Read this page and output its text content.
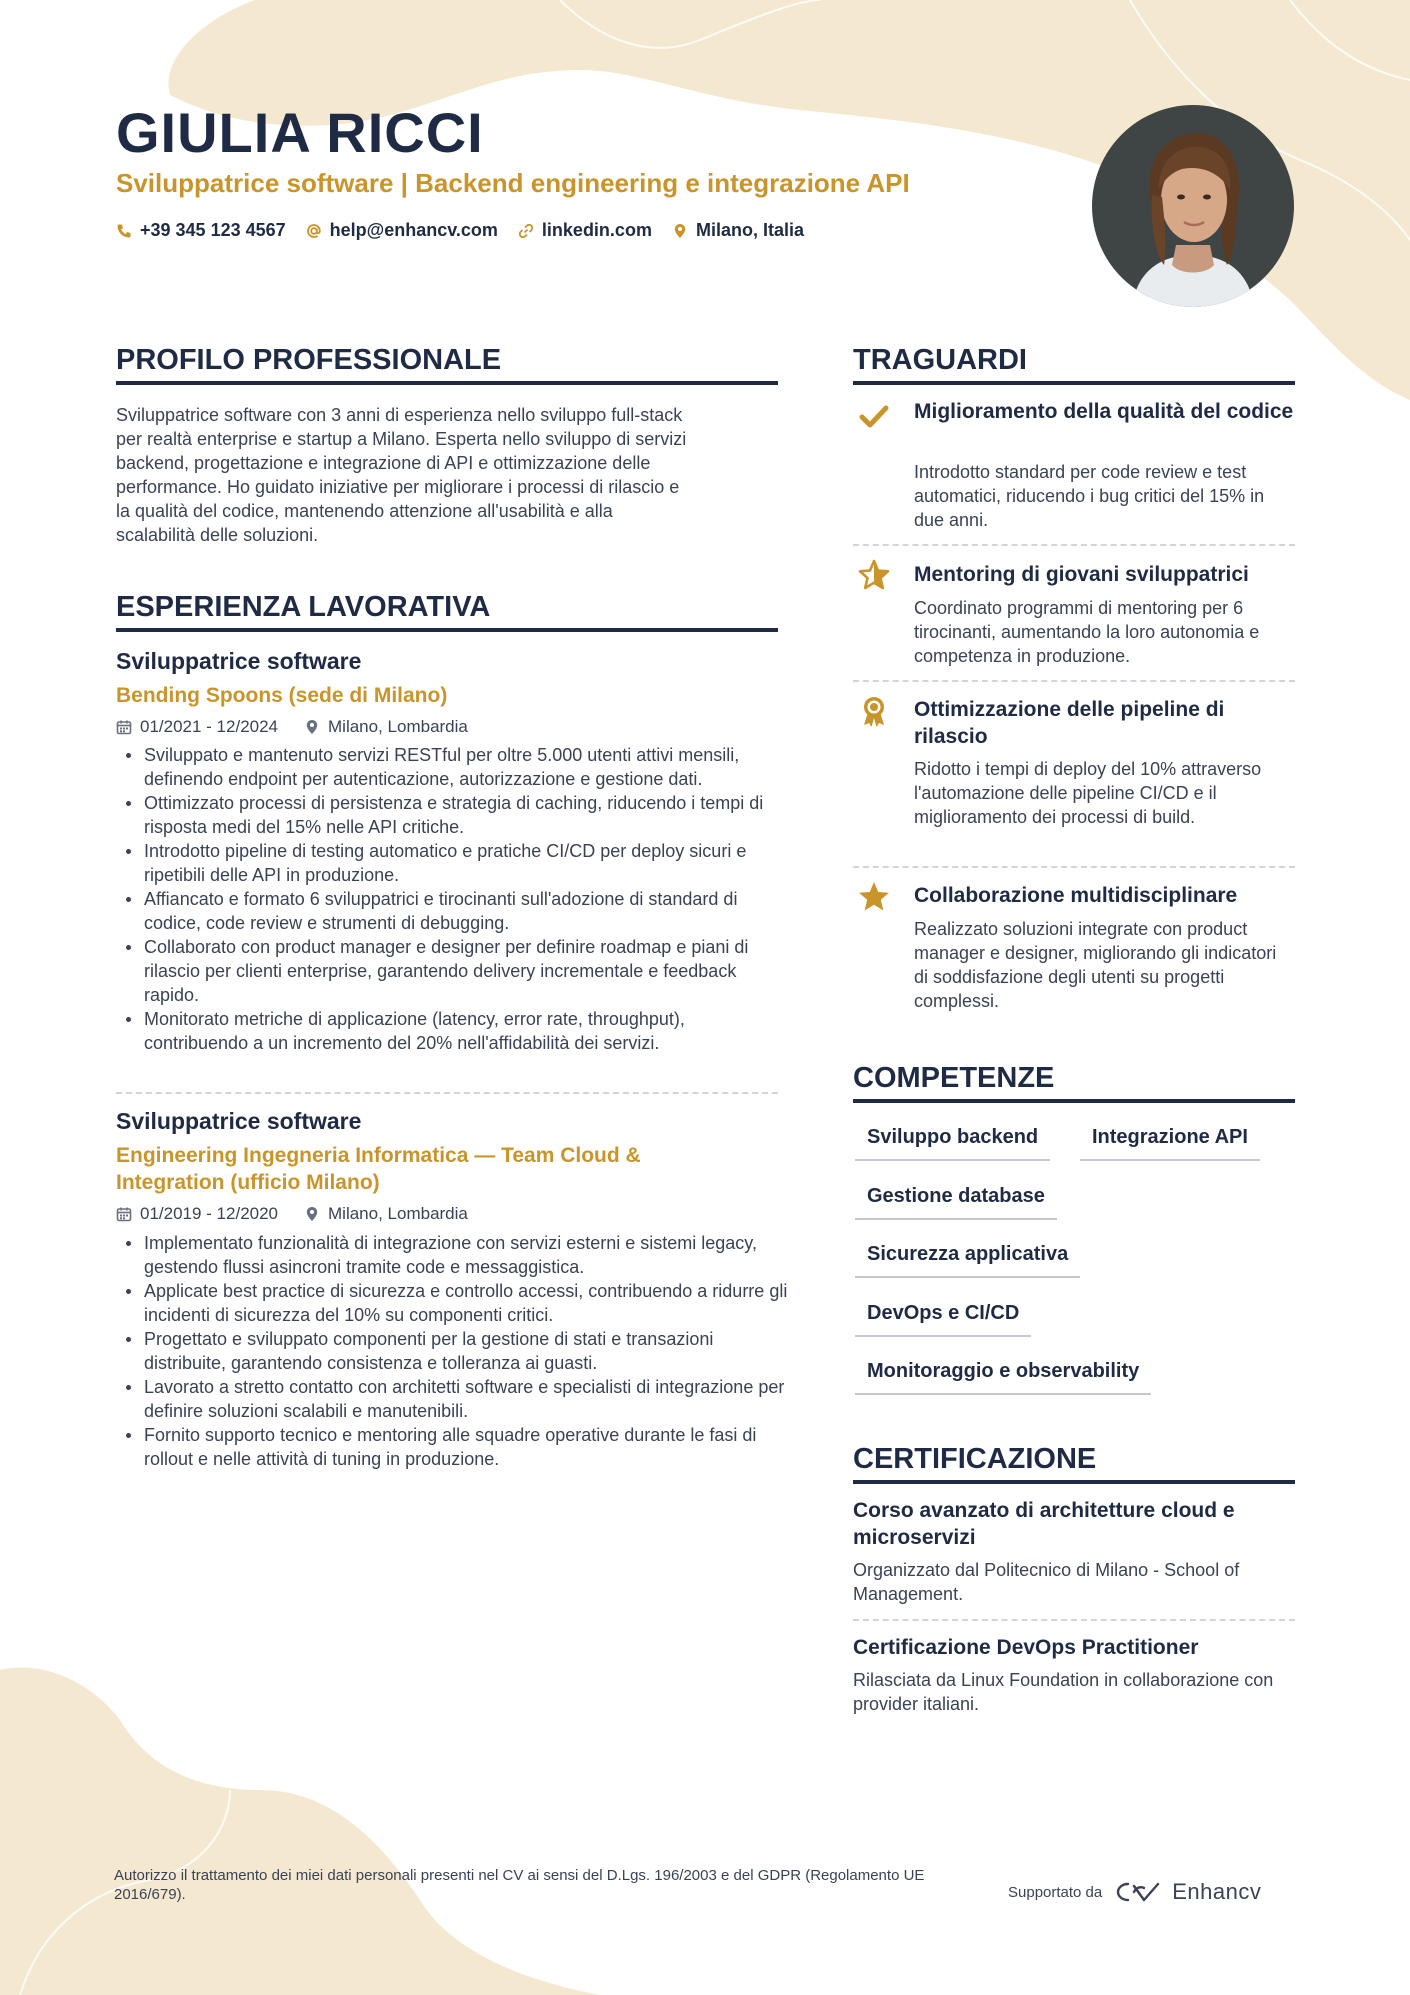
GIULIA RICCI
Sviluppatrice software | Backend engineering e integrazione API
+39 345 123 4567 help@enhancv.com linkedin.com Milano, Italia
PROFILO PROFESSIONALE
Sviluppatrice software con 3 anni di esperienza nello sviluppo full-stack
per realtà enterprise e startup a Milano. Esperta nello sviluppo di servizi
backend, progettazione e integrazione di API e ottimizzazione delle
performance. Ho guidato iniziative per migliorare i processi di rilascio e
la qualità del codice, mantenendo attenzione all'usabilità e alla
scalabilità delle soluzioni.
ESPERIENZA LAVORATIVA
Sviluppatrice software
Bending Spoons (sede di Milano)
01/2021 - 12/2024	Milano, Lombardia
Sviluppato e mantenuto servizi RESTful per oltre 5.000 utenti attivi mensili, definendo endpoint per autenticazione, autorizzazione e gestione dati.
Ottimizzato processi di persistenza e strategia di caching, riducendo i tempi di risposta medi del 15% nelle API critiche.
Introdotto pipeline di testing automatico e pratiche CI/CD per deploy sicuri e ripetibili delle API in produzione.
Affiancato e formato 6 sviluppatrici e tirocinanti sull'adozione di standard di codice, code review e strumenti di debugging.
Collaborato con product manager e designer per definire roadmap e piani di rilascio per clienti enterprise, garantendo delivery incrementale e feedback rapido.
Monitorato metriche di applicazione (latency, error rate, throughput), contribuendo a un incremento del 20% nell'affidabilità dei servizi.
Sviluppatrice software
Engineering Ingegneria Informatica — Team Cloud & Integration (ufficio Milano)
01/2019 - 12/2020	Milano, Lombardia
Implementato funzionalità di integrazione con servizi esterni e sistemi legacy, gestendo flussi asincroni tramite code e messaggistica.
Applicate best practice di sicurezza e controllo accessi, contribuendo a ridurre gli incidenti di sicurezza del 10% su componenti critici.
Progettato e sviluppato componenti per la gestione di stati e transazioni distribuite, garantendo consistenza e tolleranza ai guasti.
Lavorato a stretto contatto con architetti software e specialisti di integrazione per definire soluzioni scalabili e manutenibili.
Fornito supporto tecnico e mentoring alle squadre operative durante le fasi di rollout e nelle attività di tuning in produzione.
TRAGUARDI
Miglioramento della qualità del codice
Introdotto standard per code review e test automatici, riducendo i bug critici del 15% in due anni.
Mentoring di giovani sviluppatrici
Coordinato programmi di mentoring per 6 tirocinanti, aumentando la loro autonomia e competenza in produzione.
Ottimizzazione delle pipeline di rilascio
Ridotto i tempi di deploy del 10% attraverso l'automazione delle pipeline CI/CD e il miglioramento dei processi di build.
Collaborazione multidisciplinare
Realizzato soluzioni integrate con product manager e designer, migliorando gli indicatori di soddisfazione degli utenti su progetti complessi.
COMPETENZE
Sviluppo backend	Integrazione API
Gestione database
Sicurezza applicativa
DevOps e CI/CD
Monitoraggio e observability
CERTIFICAZIONE
Corso avanzato di architetture cloud e microservizi
Organizzato dal Politecnico di Milano - School of Management.
Certificazione DevOps Practitioner
Rilasciata da Linux Foundation in collaborazione con provider italiani.
Autorizzo il trattamento dei miei dati personali presenti nel CV ai sensi del D.Lgs. 196/2003 e del GDPR (Regolamento UE 2016/679).	Supportato da	Enhancv
